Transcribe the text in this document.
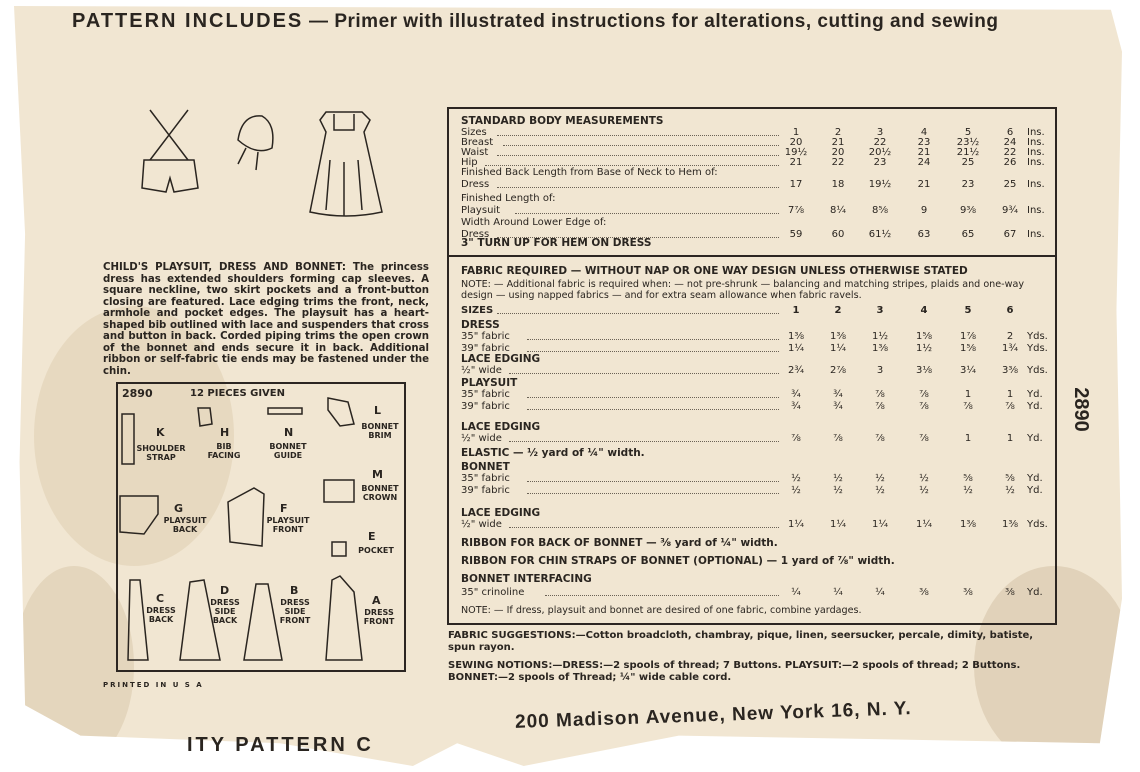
PATTERN INCLUDES — Primer with illustrated instructions for alterations, cutting and sewing
CHILD'S PLAYSUIT, DRESS AND BONNET: The princess dress has extended shoulders forming cap sleeves. A square neckline, two skirt pockets and a front-button closing are featured. Lace edging trims the front, neck, armhole and pocket edges. The playsuit has a heart-shaped bib outlined with lace and suspenders that cross and button in back. Corded piping trims the open crown of the bonnet and ends secure it in back. Additional ribbon or self-fabric tie ends may be fastened under the chin.
2890	12 PIECES GIVEN
K
SHOULDER STRAP
H
BIB FACING
N
BONNET GUIDE
L
BONNET BRIM
M
BONNET CROWN
G
PLAYSUIT BACK
F
PLAYSUIT FRONT
E
POCKET
C
DRESS BACK
D
DRESS SIDE BACK
B
DRESS SIDE FRONT
A
DRESS FRONT
PRINTED IN U S A
STANDARD BODY MEASUREMENTS
Sizes	1	2	3	4	5	6	Ins.
Breast	20	21	22	23	23½	24	Ins.
Waist	19½	20	20½	21	21½	22	Ins.
Hip	21	22	23	24	25	26	Ins.
Finished Back Length from Base of Neck to Hem of:
Dress	17	18	19½	21	23	25	Ins.
Finished Length of:
Playsuit	7⅞	8¼	8⅝	9	9⅜	9¾ Ins.
Width Around Lower Edge of:
Dress	59	60	61½	63	65	67	Ins.
3" TURN UP FOR HEM ON DRESS
FABRIC REQUIRED — WITHOUT NAP OR ONE WAY DESIGN UNLESS OTHERWISE STATED
NOTE: — Additional fabric is required when: — not pre-shrunk — balancing and matching stripes, plaids and one-way design — using napped fabrics — and for extra seam allowance when fabric ravels.
SIZES	1	2	3	4	5	6
DRESS
35" fabric	1⅜	1⅜	1½	1⅝	1⅞	2	Yds.
39" fabric	1¼	1¼	1⅜	1½	1⅝	1¾ Yds.
LACE EDGING
½" wide	2¾	2⅞	3	3⅛	3¼	3⅜ Yds.
PLAYSUIT
35" fabric	¾	¾	⅞	⅞	1	1	Yd.
39" fabric	¾	¾	⅞	⅞	⅞	⅞	Yd.
LACE EDGING
½" wide	⅞	⅞	⅞	⅞	1	1	Yd.
ELASTIC — ½ yard of ¼" width.
BONNET
35" fabric	½	½	½	½	⅝	⅝	Yd.
39" fabric	½	½	½	½	½	½	Yd.
LACE EDGING
½" wide	1¼	1¼	1¼	1¼	1⅜	1⅜ Yds.
RIBBON FOR BACK OF BONNET — ⅜ yard of ¼" width.
RIBBON FOR CHIN STRAPS OF BONNET (OPTIONAL) — 1 yard of ⅞" width.
BONNET INTERFACING
35" crinoline	¼	¼	¼	⅜	⅜	⅜	Yd.
NOTE: — If dress, playsuit and bonnet are desired of one fabric, combine yardages.
FABRIC SUGGESTIONS:—Cotton broadcloth, chambray, pique, linen, seersucker, percale, dimity, batiste, spun rayon.
SEWING NOTIONS:—DRESS:—2 spools of thread; 7 Buttons. PLAYSUIT:—2 spools of thread; 2 Buttons. BONNET:—2 spools of Thread; ¼" wide cable cord.
2890
ITY PATTERN C
200 Madison Avenue, New York 16, N. Y.
